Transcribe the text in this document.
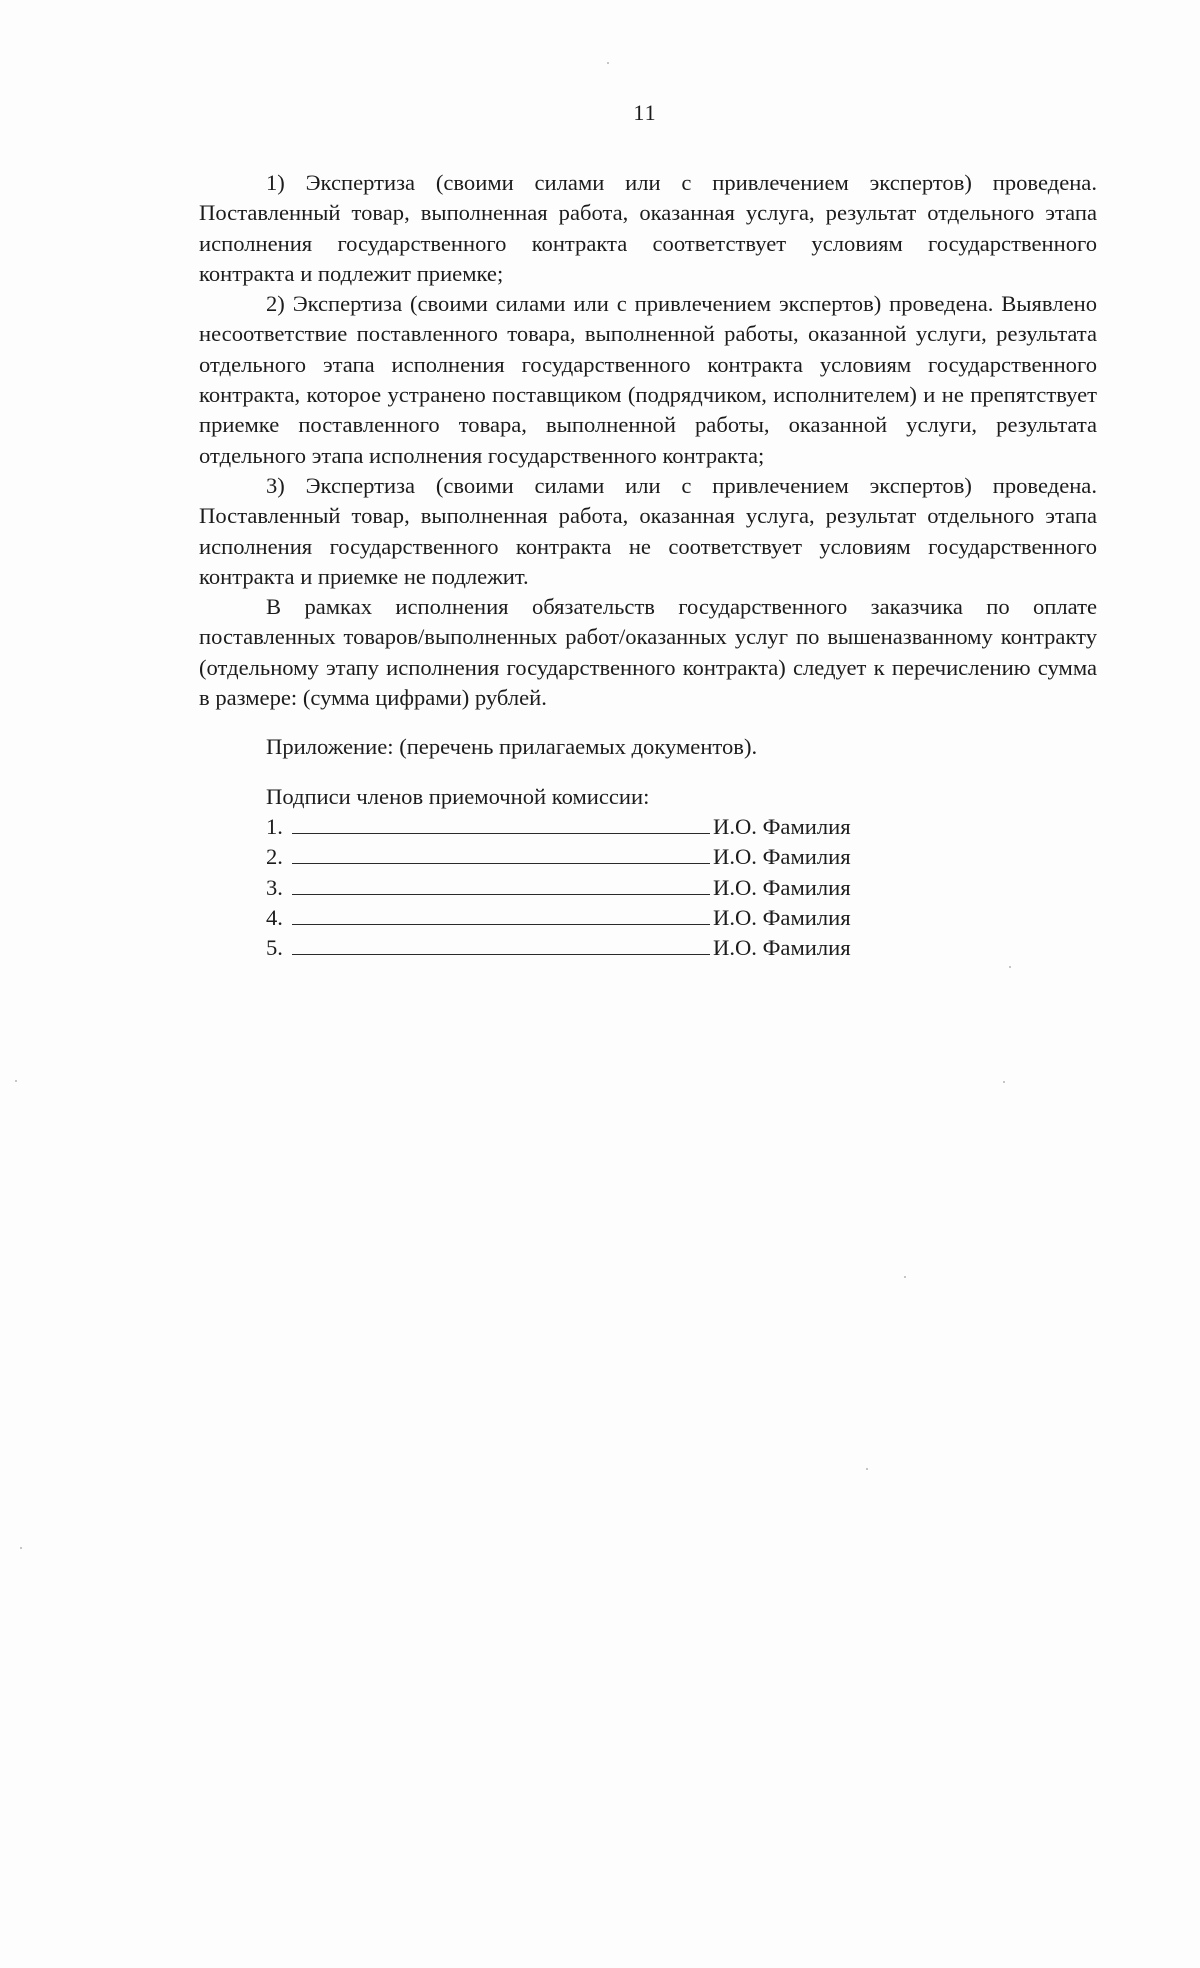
11

1) Экспертиза (своими силами или с привлечением экспертов) проведена. Поставленный товар, выполненная работа, оказанная услуга, результат отдельного этапа исполнения государственного контракта соответствует условиям государственного контракта и подлежит приемке;

2) Экспертиза (своими силами или с привлечением экспертов) проведена. Выявлено несоответствие поставленного товара, выполненной работы, оказанной услуги, результата отдельного этапа исполнения государственного контракта условиям государственного контракта, которое устранено поставщиком (подрядчиком, исполнителем) и не препятствует приемке поставленного товара, выполненной работы, оказанной услуги, результата отдельного этапа исполнения государственного контракта;

3) Экспертиза (своими силами или с привлечением экспертов) проведена. Поставленный товар, выполненная работа, оказанная услуга, результат отдельного этапа исполнения государственного контракта не соответствует условиям государственного контракта и приемке не подлежит.

В рамках исполнения обязательств государственного заказчика по оплате поставленных товаров/выполненных работ/оказанных услуг по вышеназванному контракту (отдельному этапу исполнения государственного контракта) следует к перечислению сумма в размере: (сумма цифрами) рублей.

Приложение: (перечень прилагаемых документов).

Подписи членов приемочной комиссии:

1.	И.О. Фамилия
2.	И.О. Фамилия
3.	И.О. Фамилия
4.	И.О. Фамилия
5.	И.О. Фамилия
